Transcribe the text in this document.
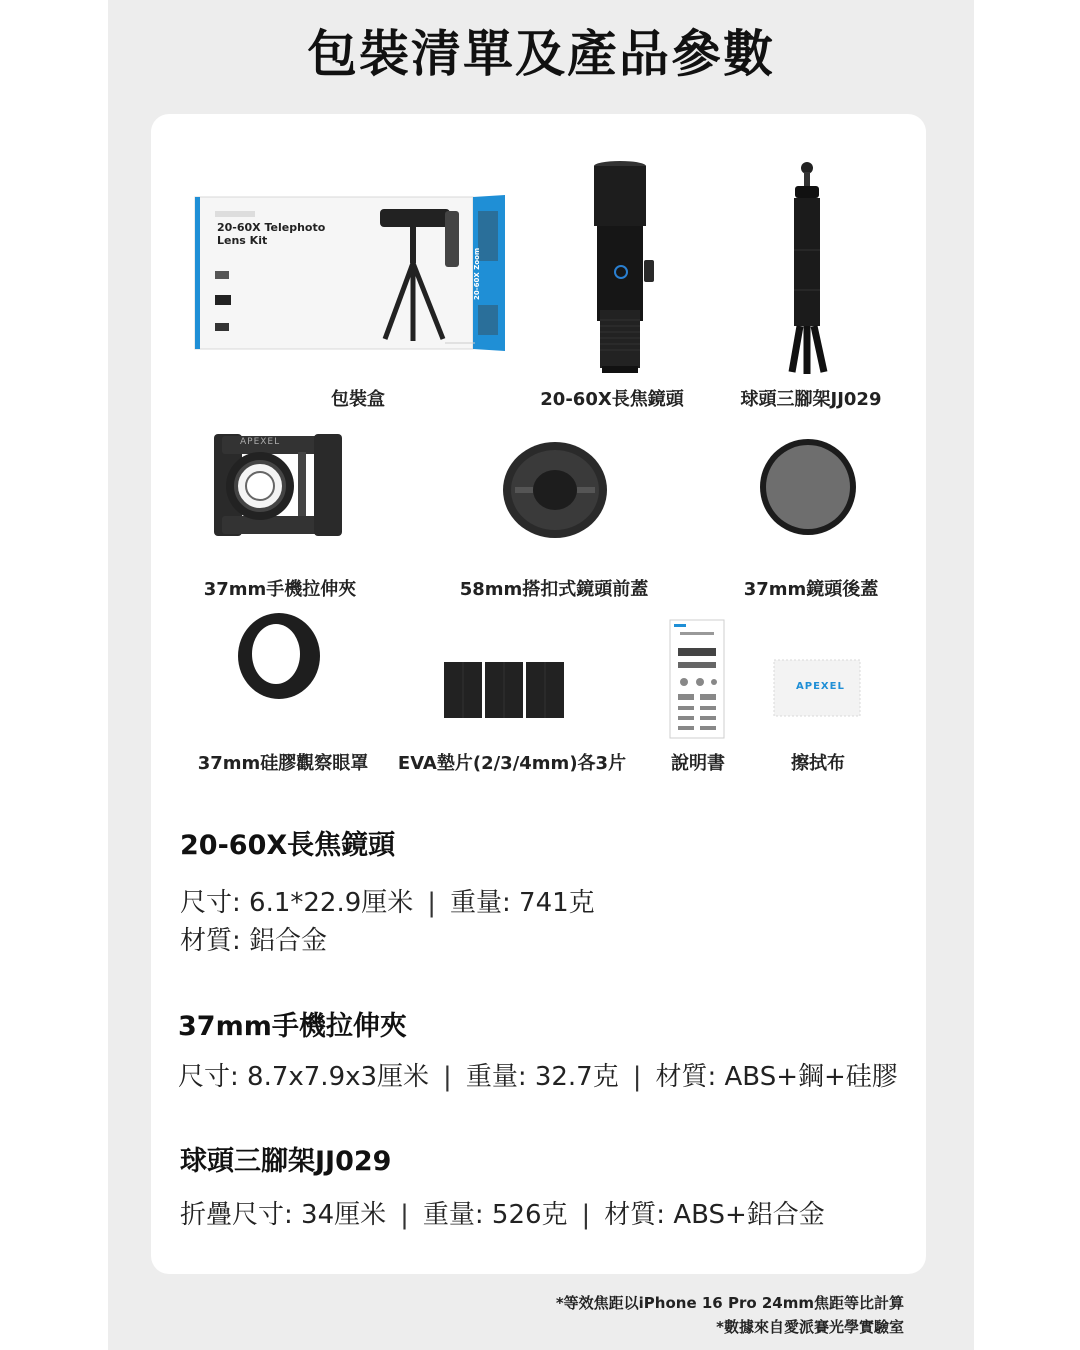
包裝清單及產品參數
20-60X Telephoto
Lens Kit
20-60X Zoom
包裝盒	20-60X長焦鏡頭	球頭三腳架JJ029
APEXEL
37mm手機拉伸夾	58mm搭扣式鏡頭前蓋	37mm鏡頭後蓋
APEXEL
37mm硅膠觀察眼罩 EVA墊片(2/3/4mm)各3片 說明書	擦拭布
20-60X長焦鏡頭
尺寸: 6.1*22.9厘米 | 重量: 741克
材質: 鋁合金
37mm手機拉伸夾
尺寸: 8.7x7.9x3厘米 | 重量: 32.7克 | 材質: ABS+鋼+硅膠
球頭三腳架JJ029
折疊尺寸: 34厘米 | 重量: 526克 | 材質: ABS+鋁合金
*等效焦距以iPhone 16 Pro 24mm焦距等比計算
*數據來自愛派賽光學實驗室
